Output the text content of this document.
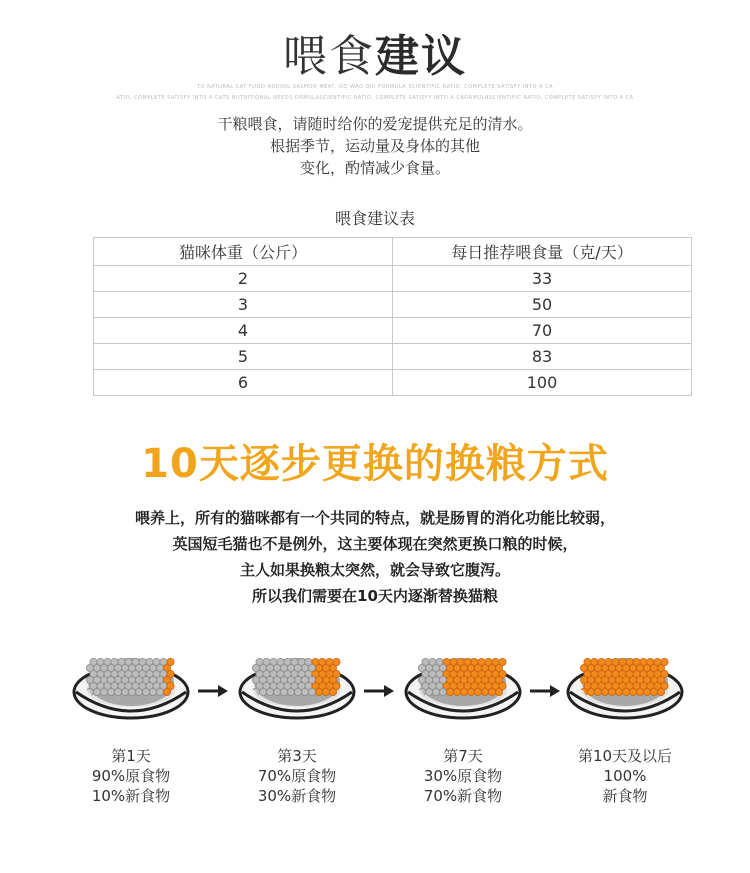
喂食建议
TO NATURAL CAT FOOD ADDING SALMON MEAT, GO WAO QIU FORMULA SCIENTIFIC RATIO, COMPLETE SATISFY INTO A CA
ATIO, COMPLETE SATISFY INTO A CATS NUTRITIONAL NEEDS ORMULASCIENTIFIC RATIO, COMPLETE SATISFY INTO A CAORMULASCIENTIFIC RATIO, COMPLETE SATISFY INTO A CA
干粮喂食，请随时给你的爱宠提供充足的清水。
根据季节，运动量及身体的其他
变化，酌情减少食量。
喂食建议表
猫咪体重（公斤）	每日推荐喂食量（克/天）
2	33
3	50
4	70
5	83
6	100
10天逐步更换的换粮方式
喂养上，所有的猫咪都有一个共同的特点，就是肠胃的消化功能比较弱，
英国短毛猫也不是例外，这主要体现在突然更换口粮的时候，
主人如果换粮太突然，就会导致它腹泻。
所以我们需要在10天内逐渐替换猫粮
第1天
90%原食物
10%新食物
第3天
70%原食物
30%新食物
第7天
30%原食物
70%新食物
第10天及以后
100%
新食物
